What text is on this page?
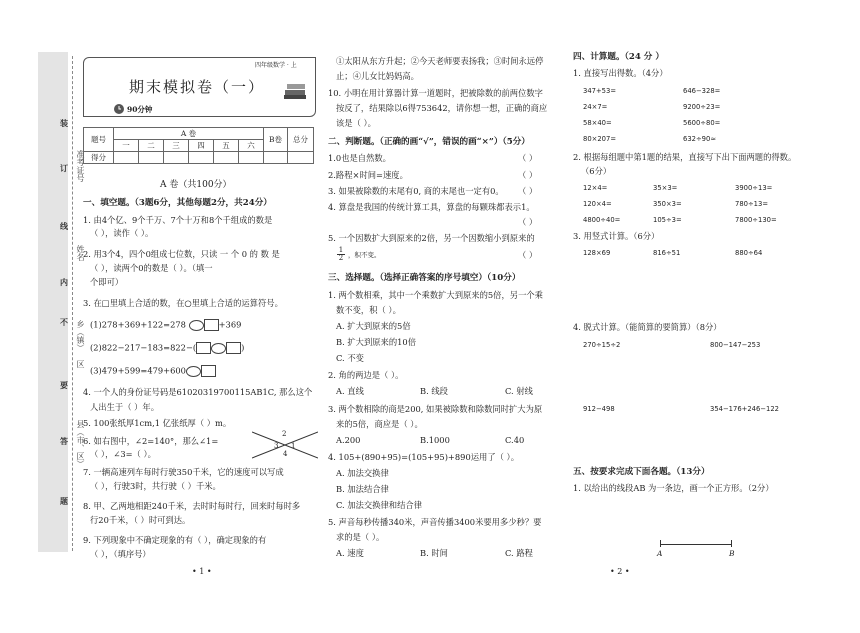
准考证号
姓名
乡（镇）
区
县（市、区）
装
订
线
内
不
要
答
题
四年级数学 · 上
期末模拟卷（一）
90分钟
题号	A 卷						B卷	总分
	一	二	三	四	五	六		
得分								
A 卷（共100分）
一、填空题。（3题6分，其他每题2分，共24分）
1. 由4个亿、9个千万、7个十万和8个千组成的数是
（ ），读作（ ）。
2. 用3个4，四个0组成七位数，只读 一 个 0 的 数 是
（ ），读两个0的数是（ ）。（填一
个即可）
3. 在□里填上合适的数，在○里填上合适的运算符号。
(1)278+369+122=278	+369
(2)822−217−183=822−(	)
(3)479+599=479+600
4. 一个人的身份证号码是61020319700115AB1C, 那么这个
人出生于（ ）年。
5. 100张纸厚1cm,1 亿张纸厚（ ）m。
6. 如右图中，∠2=140°，那么∠1=
（ ），∠3=（ ）。
2
3 1
4
7. 一辆高速列车每时行驶350千米，它的速度可以写成
（ ），行驶3时，共行驶（ ）千米。
8. 甲、乙两地相距240千米，去时时每时行，回来时每时多
行20千米，（ ）时可到达。
9. 下列现象中不确定现象的有（ ），确定现象的有
（ ），（填序号）
• 1 •
①太阳从东方升起；②今天老师要表扬我；③时间永远停
止；④儿女比妈妈高。
10. 小明在用计算器计算一道题时，把被除数的前两位数字
按反了，结果除以6得753642，请你想一想，正确的商应
该是（ ）。
二、判断题。（正确的画“√”，错误的画“×”）（5分）
1.0也是自然数。	（ ）
2.路程×时间=速度。	（ ）
3. 如果被除数的末尾有0, 商的末尾也一定有0。 （ ）
4. 算盘是我国的传统计算工具，算盘的每颗珠都表示1。
（ ）
5. 一个因数扩大到原来的2倍，另一个因数缩小到原来的
$\frac{1}{2}$ ，积不变。	（ ）
三、选择题。（选择正确答案的序号填空）（10分）
1. 两个数相乘，其中一个乘数扩大到原来的5倍，另一个乘
数不变，积（ ）。
A. 扩大到原来的5倍
B. 扩大到原来的10倍
C. 不变
2. 角的两边是（ ）。
A. 直线	B. 线段	C. 射线
3. 两个数相除的商是200, 如果被除数和除数同时扩大为原
来的5倍，商应是（ ）。
A.200	B.1000	C.40
4. 105+(890+95)=(105+95)+890运用了（ ）。
A. 加法交换律
B. 加法结合律
C. 加法交换律和结合律
5. 声音每秒传播340米，声音传播3400米要用多少秒？要
求的是（ ）。
A. 速度	B. 时间	C. 路程
四、计算题。（24 分 ）
1. 直接写出得数。（4分）
347+53=	646−328=
24×7=	9200÷23=
58×40=	5600÷80=
80×207=	632÷90≈
2. 根据每组题中第1题的结果，直接写下出下面两题的得数。
（6分）
12×4=	35×3=	3900÷13=
120×4=	350×3=	780÷13=
4800÷40=	105÷3=	7800÷130=
3. 用竖式计算。（6分）
128×69	816÷51	880÷64
4. 脱式计算。（能简算的要简算）（8分）
270÷15÷2	800−147−253
912−498	354−176+246−122
五、按要求完成下面各题。（13分）
1. 以给出的线段AB 为一条边，画一个正方形。（2分）
A	B
• 2 •
